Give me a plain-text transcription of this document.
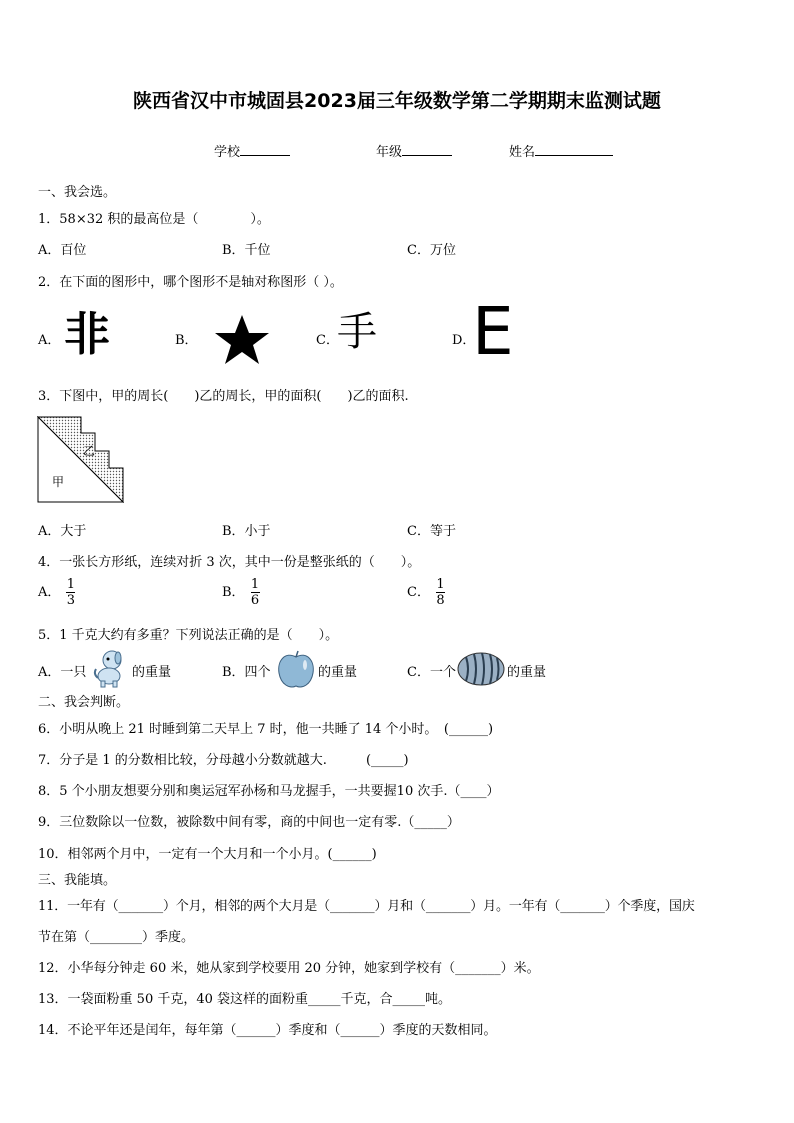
陕西省汉中市城固县2023届三年级数学第二学期期末监测试题
学校	年级	姓名
一、我会选。
1．58×32 积的最高位是（　　　　）。
A．百位	B．千位	C．万位
2．在下面的图形中，哪个图形不是轴对称图形（ ）。
A． 非	B．	C．
手	D．
E
3．下图中，甲的周长(　　)乙的周长，甲的面积(　　)乙的面积.
乙
甲
A．大于	B．小于	C．等于
4．一张长方形纸，连续对折 3 次，其中一份是整张纸的（　　）。
A． $\frac{1}{3}$	B． $\frac{1}{6}$	C． $\frac{1}{8}$
5．1 千克大约有多重？下列说法正确的是（　　）。
A．一只	的重量	B．四个	的重量	C．一个	的重量
二、我会判断。
6．小明从晚上 21 时睡到第二天早上 7 时，他一共睡了 14 个小时。　(______)
7．分子是 1 的分数相比较，分母越小分数就越大.　　　(_____)
8．5 个小朋友想要分别和奥运冠军孙杨和马龙握手，一共要握10 次手.（____）
9．三位数除以一位数，被除数中间有零，商的中间也一定有零.（_____）
10．相邻两个月中，一定有一个大月和一个小月。(______)
三、我能填。
11．一年有（_______）个月，相邻的两个大月是（_______）月和（_______）月。一年有（_______）个季度，国庆
节在第（________）季度。
12．小华每分钟走 60 米，她从家到学校要用 20 分钟，她家到学校有（_______）米。
13．一袋面粉重 50 千克，40 袋这样的面粉重_____千克，合_____吨。
14．不论平年还是闰年，每年第（______）季度和（______）季度的天数相同。
